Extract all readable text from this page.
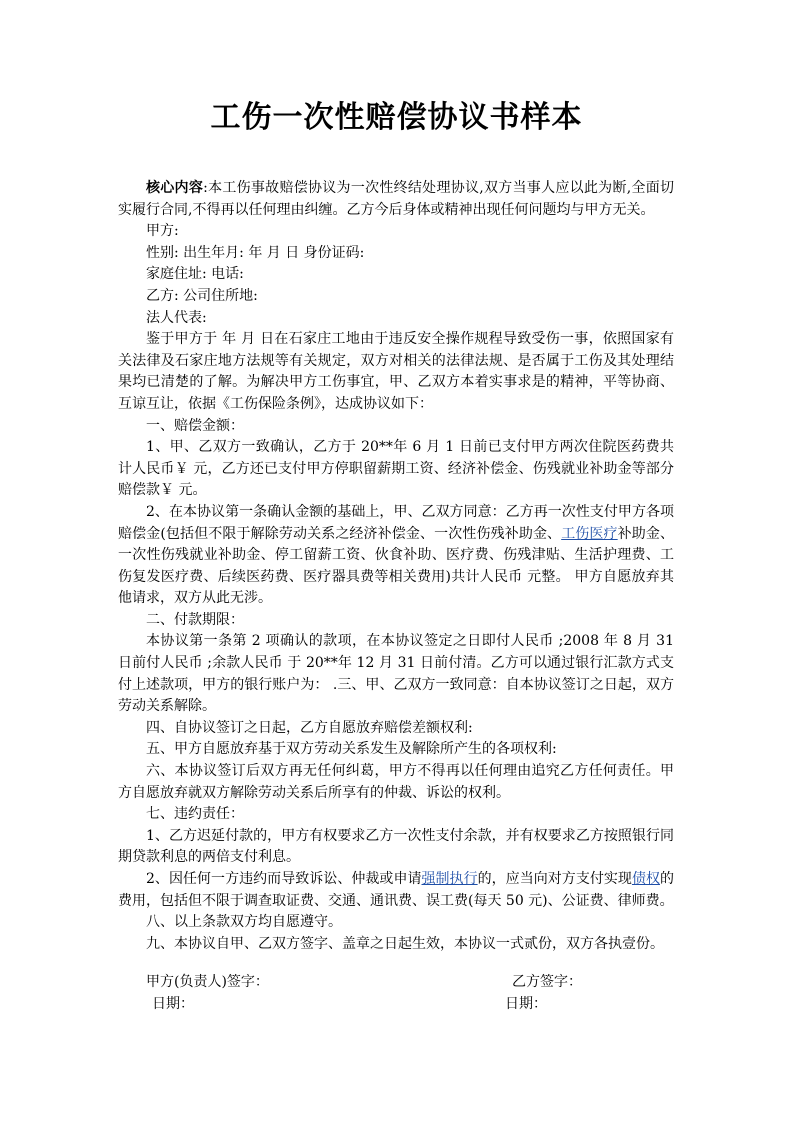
工伤一次性赔偿协议书样本

核心内容:本工伤事故赔偿协议为一次性终结处理协议,双方当事人应以此为断,全面切实履行合同,不得再以任何理由纠缠。乙方今后身体或精神出现任何问题均与甲方无关。

甲方:

性别: 出生年月: 年 月 日 身份证码:

家庭住址: 电话:

乙方: 公司住所地:

法人代表:

鉴于甲方于 年 月 日在石家庄工地由于违反安全操作规程导致受伤一事，依照国家有关法律及石家庄地方法规等有关规定，双方对相关的法律法规、是否属于工伤及其处理结果均已清楚的了解。为解决甲方工伤事宜，甲、乙双方本着实事求是的精神，平等协商、互谅互让，依据《工伤保险条例》，达成协议如下：

一、赔偿金额：

1、甲、乙双方一致确认，乙方于 20**年 6 月 1 日前已支付甲方两次住院医药费共计人民币￥ 元，乙方还已支付甲方停职留薪期工资、经济补偿金、伤残就业补助金等部分赔偿款￥ 元。

2、在本协议第一条确认金额的基础上，甲、乙双方同意：乙方再一次性支付甲方各项赔偿金(包括但不限于解除劳动关系之经济补偿金、一次性伤残补助金、工伤医疗补助金、一次性伤残就业补助金、停工留薪工资、伙食补助、医疗费、伤残津贴、生活护理费、工伤复发医疗费、后续医药费、医疗器具费等相关费用)共计人民币 元整。 甲方自愿放弃其他请求，双方从此无涉。

二、付款期限：

本协议第一条第 2 项确认的款项，在本协议签定之日即付人民币 ;2008 年 8 月 31 日前付人民币 ;余款人民币 于 20**年 12 月 31 日前付清。乙方可以通过银行汇款方式支付上述款项，甲方的银行账户为： .三、甲、乙双方一致同意：自本协议签订之日起，双方劳动关系解除。

四、自协议签订之日起，乙方自愿放弃赔偿差额权利:

五、甲方自愿放弃基于双方劳动关系发生及解除所产生的各项权利:

六、本协议签订后双方再无任何纠葛，甲方不得再以任何理由追究乙方任何责任。甲方自愿放弃就双方解除劳动关系后所享有的仲裁、诉讼的权利。

七、违约责任：

1、乙方迟延付款的，甲方有权要求乙方一次性支付余款，并有权要求乙方按照银行同期贷款利息的两倍支付利息。

2、因任何一方违约而导致诉讼、仲裁或申请强制执行的，应当向对方支付实现债权的费用，包括但不限于调查取证费、交通、通讯费、误工费(每天 50 元)、公证费、律师费。

八、以上条款双方均自愿遵守。

九、本协议自甲、乙双方签字、盖章之日起生效，本协议一式贰份，双方各执壹份。

甲方(负责人)签字：	乙方签字：
日期：	日期：
